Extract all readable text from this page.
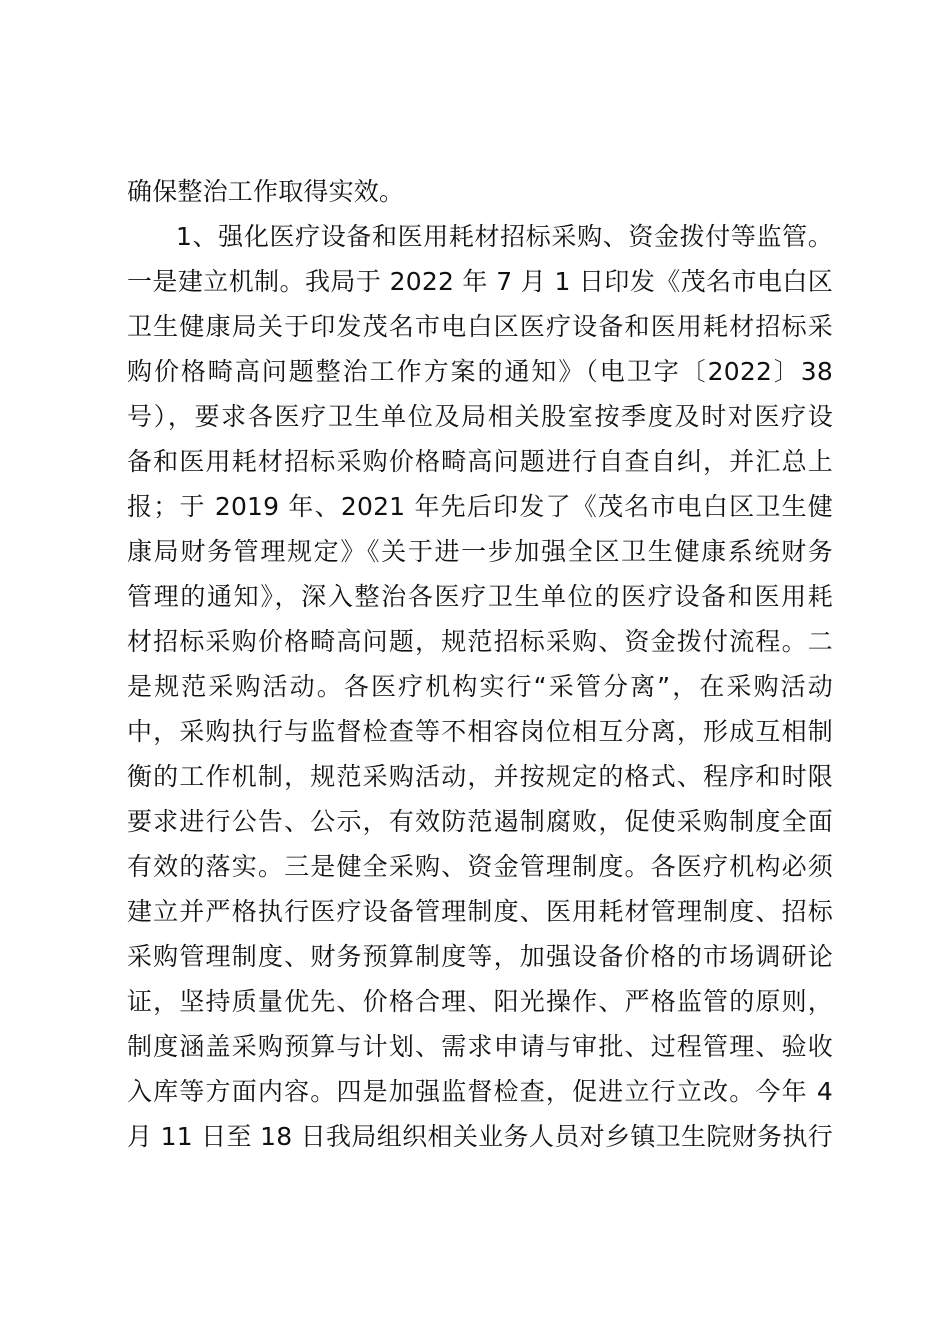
确保整治工作取得实效。
1、强化医疗设备和医用耗材招标采购、资金拨付等监管。
一是建立机制。我局于 2022 年 7 月 1 日印发《茂名市电白区
卫生健康局关于印发茂名市电白区医疗设备和医用耗材招标采
购价格畸高问题整治工作方案的通知》（电卫字〔2022〕38
号），要求各医疗卫生单位及局相关股室按季度及时对医疗设
备和医用耗材招标采购价格畸高问题进行自查自纠，并汇总上
报；于 2019 年、2021 年先后印发了《茂名市电白区卫生健
康局财务管理规定》《关于进一步加强全区卫生健康系统财务
管理的通知》，深入整治各医疗卫生单位的医疗设备和医用耗
材招标采购价格畸高问题，规范招标采购、资金拨付流程。二
是规范采购活动。各医疗机构实行“采管分离”，在采购活动
中，采购执行与监督检查等不相容岗位相互分离，形成互相制
衡的工作机制，规范采购活动，并按规定的格式、程序和时限
要求进行公告、公示，有效防范遏制腐败，促使采购制度全面
有效的落实。三是健全采购、资金管理制度。各医疗机构必须
建立并严格执行医疗设备管理制度、医用耗材管理制度、招标
采购管理制度、财务预算制度等，加强设备价格的市场调研论
证，坚持质量优先、价格合理、阳光操作、严格监管的原则，
制度涵盖采购预算与计划、需求申请与审批、过程管理、验收
入库等方面内容。四是加强监督检查，促进立行立改。今年 4
月 11 日至 18 日我局组织相关业务人员对乡镇卫生院财务执行
